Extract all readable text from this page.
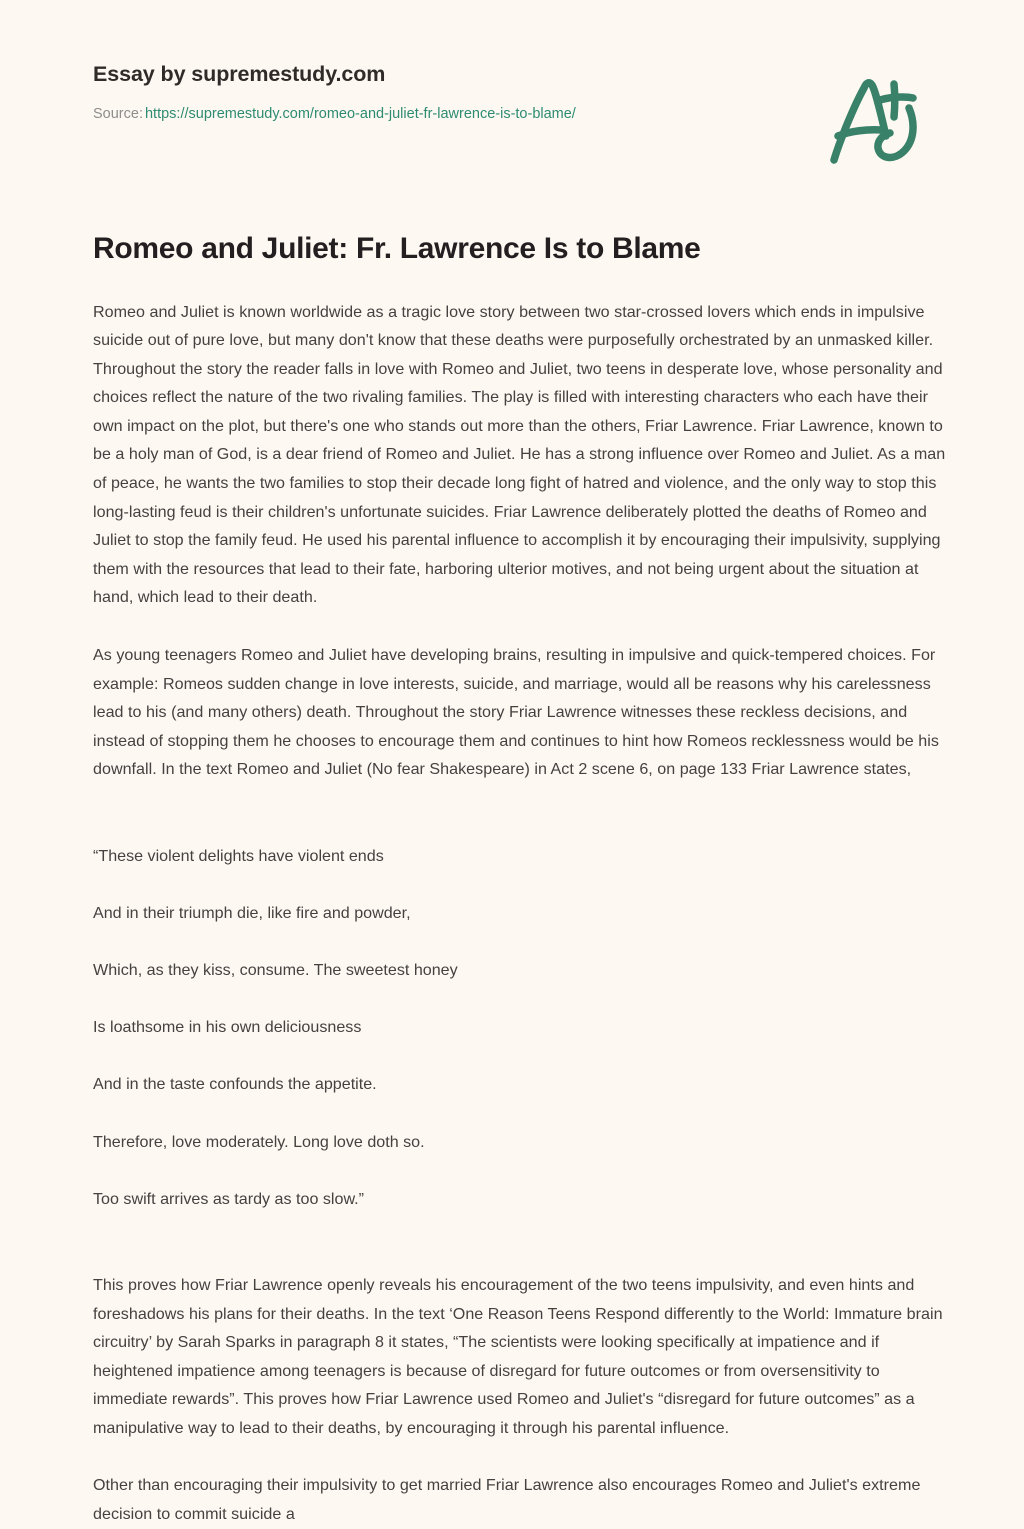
Essay by supremestudy.com
Source: https://supremestudy.com/romeo-and-juliet-fr-lawrence-is-to-blame/
Romeo and Juliet: Fr. Lawrence Is to Blame

Romeo and Juliet is known worldwide as a tragic love story between two star-crossed lovers which ends in impulsive suicide out of pure love, but many don't know that these deaths were purposefully orchestrated by an unmasked killer. Throughout the story the reader falls in love with Romeo and Juliet, two teens in desperate love, whose personality and choices reflect the nature of the two rivaling families. The play is filled with interesting characters who each have their own impact on the plot, but there's one who stands out more than the others, Friar Lawrence. Friar Lawrence, known to be a holy man of God, is a dear friend of Romeo and Juliet. He has a strong influence over Romeo and Juliet. As a man of peace, he wants the two families to stop their decade long fight of hatred and violence, and the only way to stop this long-lasting feud is their children's unfortunate suicides. Friar Lawrence deliberately plotted the deaths of Romeo and Juliet to stop the family feud. He used his parental influence to accomplish it by encouraging their impulsivity, supplying them with the resources that lead to their fate, harboring ulterior motives, and not being urgent about the situation at hand, which lead to their death.

As young teenagers Romeo and Juliet have developing brains, resulting in impulsive and quick-tempered choices. For example: Romeos sudden change in love interests, suicide, and marriage, would all be reasons why his carelessness lead to his (and many others) death. Throughout the story Friar Lawrence witnesses these reckless decisions, and instead of stopping them he chooses to encourage them and continues to hint how Romeos recklessness would be his downfall. In the text Romeo and Juliet (No fear Shakespeare) in Act 2 scene 6, on page 133 Friar Lawrence states,

“These violent delights have violent ends

And in their triumph die, like fire and powder,

Which, as they kiss, consume. The sweetest honey

Is loathsome in his own deliciousness

And in the taste confounds the appetite.

Therefore, love moderately. Long love doth so.

Too swift arrives as tardy as too slow.”

This proves how Friar Lawrence openly reveals his encouragement of the two teens impulsivity, and even hints and foreshadows his plans for their deaths. In the text ‘One Reason Teens Respond differently to the World: Immature brain circuitry’ by Sarah Sparks in paragraph 8 it states, “The scientists were looking specifically at impatience and if heightened impatience among teenagers is because of disregard for future outcomes or from oversensitivity to immediate rewards”. This proves how Friar Lawrence used Romeo and Juliet's “disregard for future outcomes” as a manipulative way to lead to their deaths, by encouraging it through his parental influence.

Other than encouraging their impulsivity to get married Friar Lawrence also encourages Romeo and Juliet's extreme decision to commit suicide a
